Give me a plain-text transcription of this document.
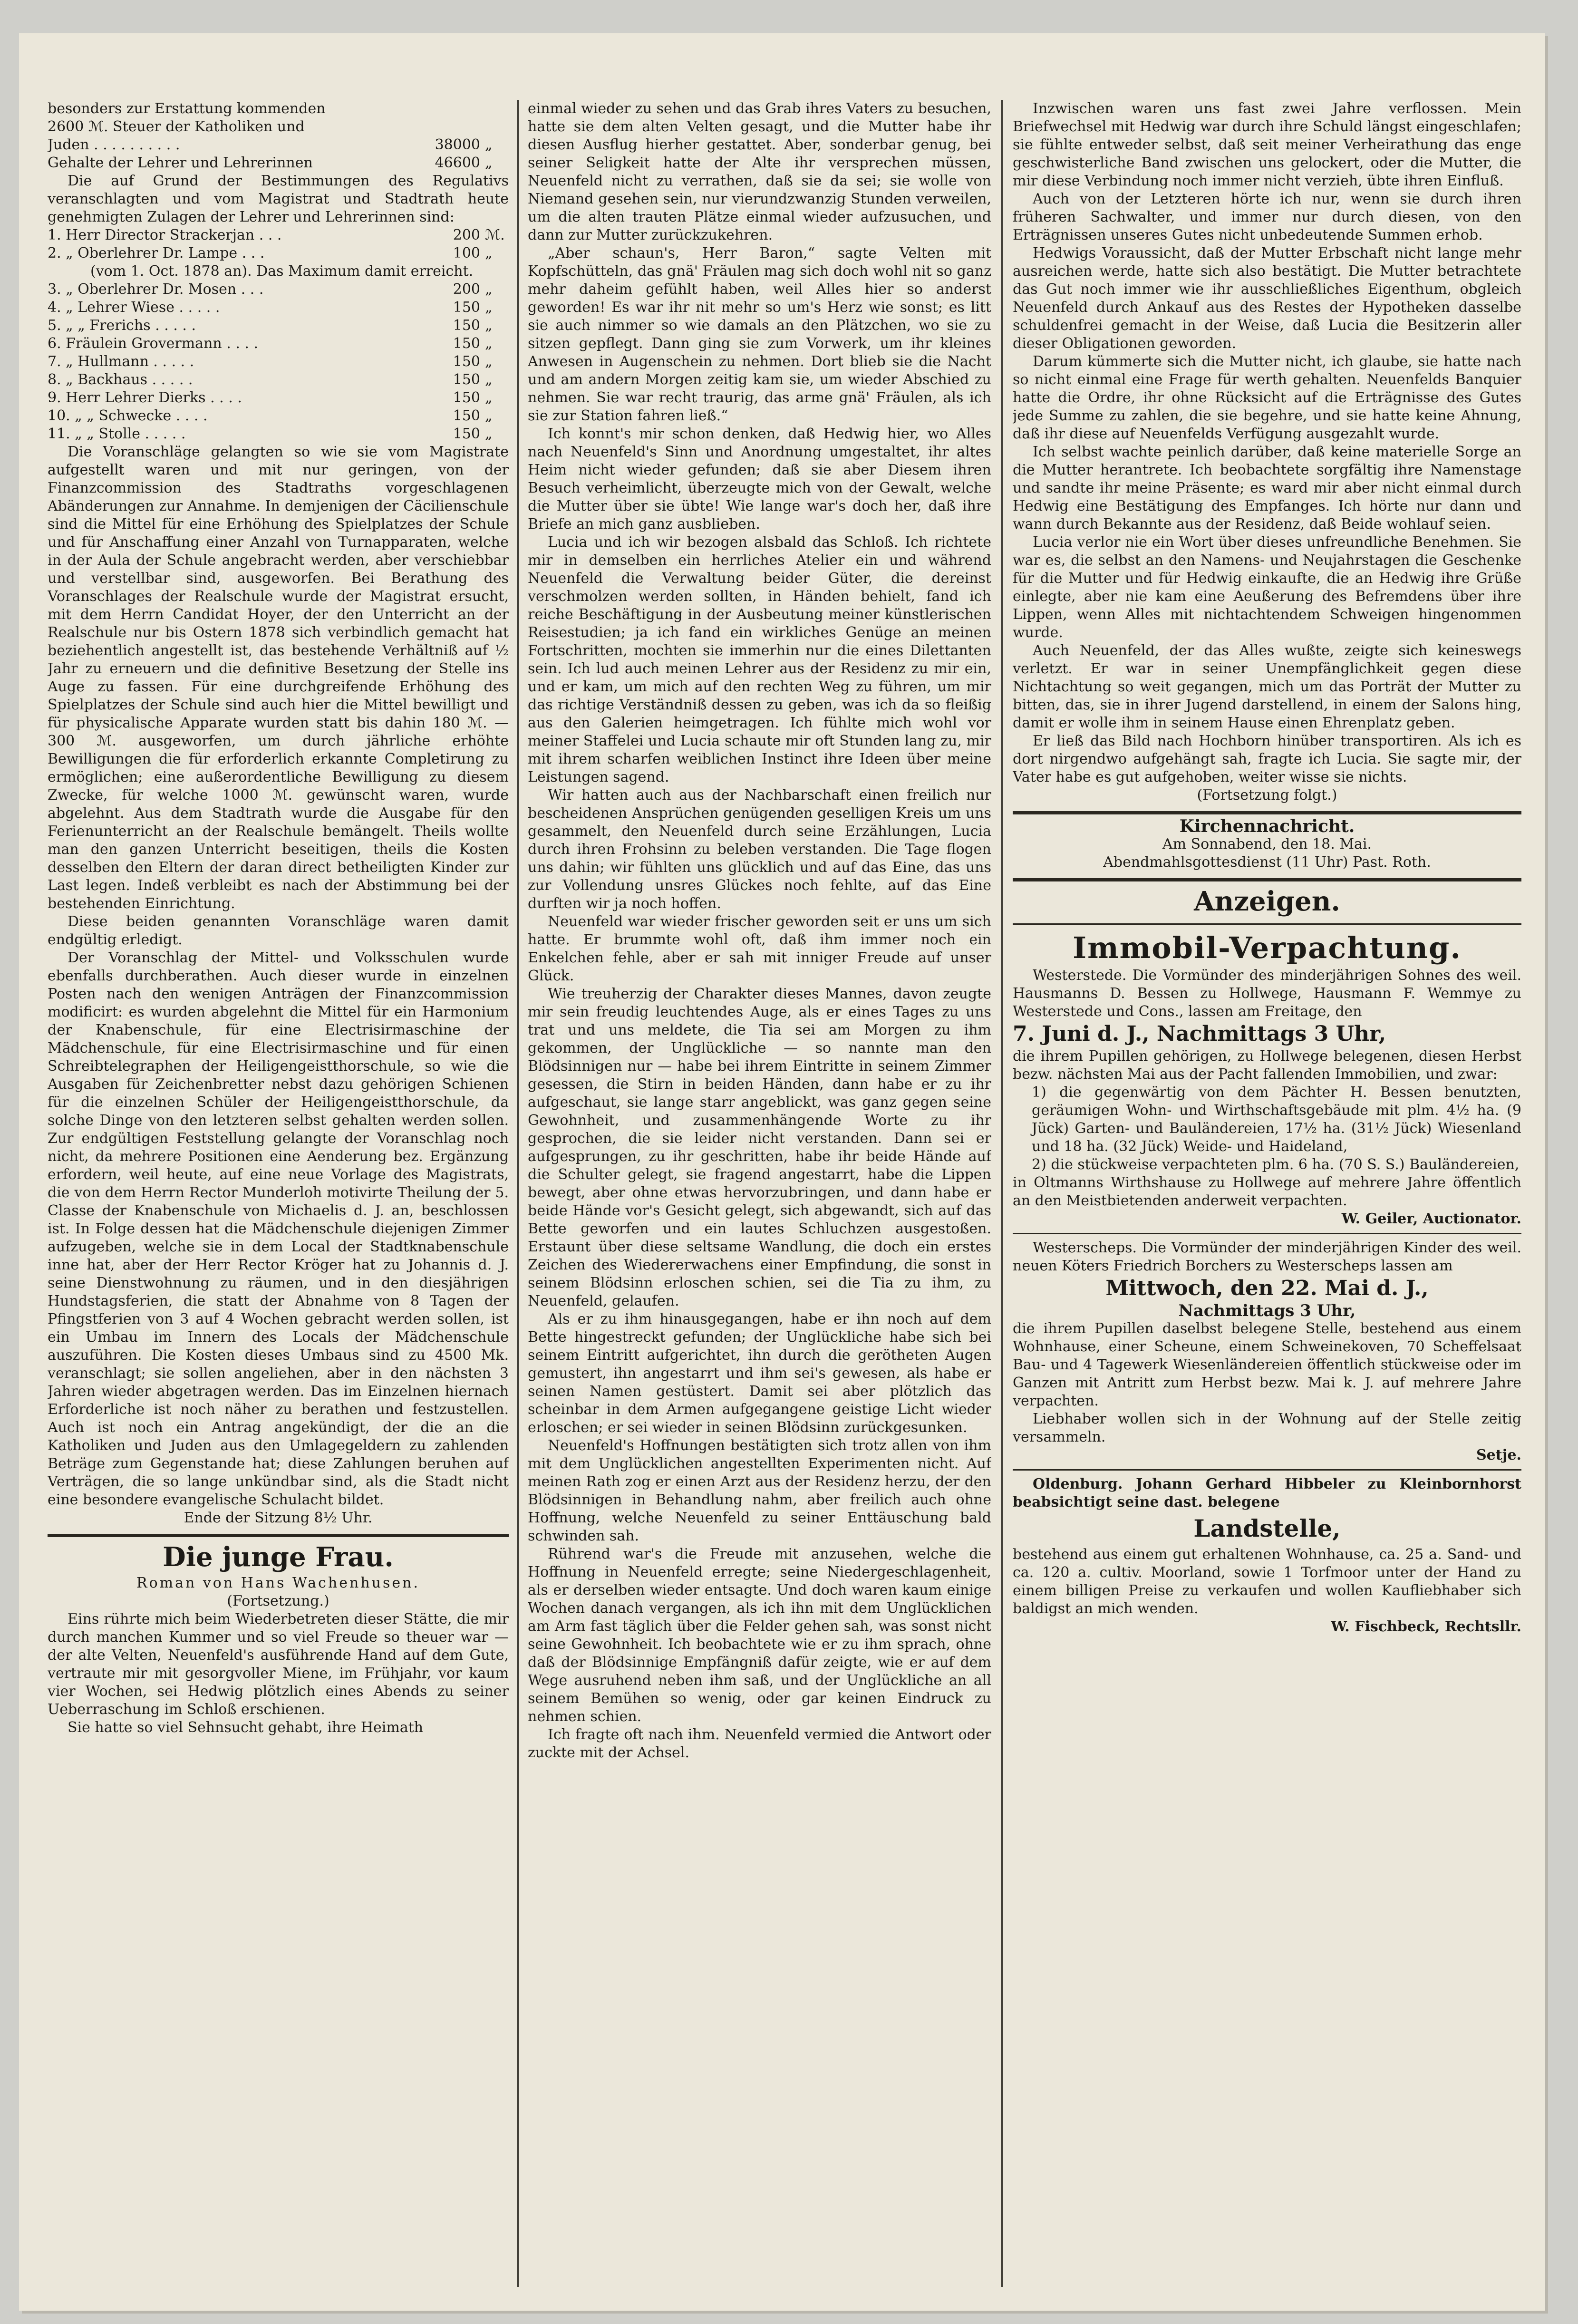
besonders zur Erstattung kommenden

2600 ℳ. Steuer der Katholiken und

Juden . . . . . . . . . .	38000 „
Gehalte der Lehrer und Lehrerinnen	46600 „

Die auf Grund der Bestimmungen des Regulativs veranschlagten und vom Magistrat und Stadtrath heute genehmigten Zulagen der Lehrer und Lehrerinnen sind:

1. Herr Director Strackerjan . . .	200 ℳ.
2. „ Oberlehrer Dr. Lampe . . .	100 „
(vom 1. Oct. 1878 an). Das Maximum damit erreicht.
3. „ Oberlehrer Dr. Mosen . . .	200 „
4. „ Lehrer Wiese . . . . .	150 „
5. „ „ Frerichs . . . . .	150 „
6. Fräulein Grovermann . . . .	150 „
7. „ Hullmann . . . . .	150 „
8. „ Backhaus . . . . .	150 „
9. Herr Lehrer Dierks . . . .	150 „
10. „ „ Schwecke . . . .	150 „
11. „ „ Stolle . . . . .	150 „

Die Voranschläge gelangten so wie sie vom Magistrate aufgestellt waren und mit nur geringen, von der Finanzcommission des Stadtraths vorgeschlagenen Abänderungen zur Annahme. In demjenigen der Cäcilienschule sind die Mittel für eine Erhöhung des Spielplatzes der Schule und für Anschaffung einer Anzahl von Turnapparaten, welche in der Aula der Schule angebracht werden, aber verschiebbar und verstellbar sind, ausgeworfen. Bei Berathung des Voranschlages der Realschule wurde der Magistrat ersucht, mit dem Herrn Candidat Hoyer, der den Unterricht an der Realschule nur bis Ostern 1878 sich verbindlich gemacht hat beziehentlich angestellt ist, das bestehende Verhältniß auf ½ Jahr zu erneuern und die definitive Besetzung der Stelle ins Auge zu fassen. Für eine durchgreifende Erhöhung des Spielplatzes der Schule sind auch hier die Mittel bewilligt und für physicalische Apparate wurden statt bis dahin 180 ℳ. — 300 ℳ. ausgeworfen, um durch jährliche erhöhte Bewilligungen die für erforderlich erkannte Completirung zu ermöglichen; eine außerordentliche Bewilligung zu diesem Zwecke, für welche 1000 ℳ. gewünscht waren, wurde abgelehnt. Aus dem Stadtrath wurde die Ausgabe für den Ferienunterricht an der Realschule bemängelt. Theils wollte man den ganzen Unterricht beseitigen, theils die Kosten desselben den Eltern der daran direct betheiligten Kinder zur Last legen. Indeß verbleibt es nach der Abstimmung bei der bestehenden Einrichtung.

Diese beiden genannten Voranschläge waren damit endgültig erledigt.

Der Voranschlag der Mittel- und Volksschulen wurde ebenfalls durchberathen. Auch dieser wurde in einzelnen Posten nach den wenigen Anträgen der Finanzcommission modificirt: es wurden abgelehnt die Mittel für ein Harmonium der Knabenschule, für eine Electrisirmaschine der Mädchenschule, für eine Electrisirmaschine und für einen Schreibtelegraphen der Heiligengeistthorschule, so wie die Ausgaben für Zeichenbretter nebst dazu gehörigen Schienen für die einzelnen Schüler der Heiligengeistthorschule, da solche Dinge von den letzteren selbst gehalten werden sollen. Zur endgültigen Feststellung gelangte der Voranschlag noch nicht, da mehrere Positionen eine Aenderung bez. Ergänzung erfordern, weil heute, auf eine neue Vorlage des Magistrats, die von dem Herrn Rector Munderloh motivirte Theilung der 5. Classe der Knabenschule von Michaelis d. J. an, beschlossen ist. In Folge dessen hat die Mädchenschule diejenigen Zimmer aufzugeben, welche sie in dem Local der Stadtknabenschule inne hat, aber der Herr Rector Kröger hat zu Johannis d. J. seine Dienstwohnung zu räumen, und in den diesjährigen Hundstagsferien, die statt der Abnahme von 8 Tagen der Pfingstferien von 3 auf 4 Wochen gebracht werden sollen, ist ein Umbau im Innern des Locals der Mädchenschule auszuführen. Die Kosten dieses Umbaus sind zu 4500 Mk. veranschlagt; sie sollen angeliehen, aber in den nächsten 3 Jahren wieder abgetragen werden. Das im Einzelnen hiernach Erforderliche ist noch näher zu berathen und festzustellen. Auch ist noch ein Antrag angekündigt, der die an die Katholiken und Juden aus den Umlagegeldern zu zahlenden Beträge zum Gegenstande hat; diese Zahlungen beruhen auf Verträgen, die so lange unkündbar sind, als die Stadt nicht eine besondere evangelische Schulacht bildet.

Ende der Sitzung 8½ Uhr.

Die junge Frau.

Roman von Hans Wachenhusen.

(Fortsetzung.)

Eins rührte mich beim Wiederbetreten dieser Stätte, die mir durch manchen Kummer und so viel Freude so theuer war — der alte Velten, Neuenfeld's ausführende Hand auf dem Gute, vertraute mir mit gesorgvoller Miene, im Frühjahr, vor kaum vier Wochen, sei Hedwig plötzlich eines Abends zu seiner Ueberraschung im Schloß erschienen.

Sie hatte so viel Sehnsucht gehabt, ihre Heimath

einmal wieder zu sehen und das Grab ihres Vaters zu besuchen, hatte sie dem alten Velten gesagt, und die Mutter habe ihr diesen Ausflug hierher gestattet. Aber, sonderbar genug, bei seiner Seligkeit hatte der Alte ihr versprechen müssen, Neuenfeld nicht zu verrathen, daß sie da sei; sie wolle von Niemand gesehen sein, nur vierundzwanzig Stunden verweilen, um die alten trauten Plätze einmal wieder aufzusuchen, und dann zur Mutter zurückzukehren.

„Aber schaun's, Herr Baron,“ sagte Velten mit Kopfschütteln, das gnä' Fräulen mag sich doch wohl nit so ganz mehr daheim gefühlt haben, weil Alles hier so anderst geworden! Es war ihr nit mehr so um's Herz wie sonst; es litt sie auch nimmer so wie damals an den Plätzchen, wo sie zu sitzen gepflegt. Dann ging sie zum Vorwerk, um ihr kleines Anwesen in Augenschein zu nehmen. Dort blieb sie die Nacht und am andern Morgen zeitig kam sie, um wieder Abschied zu nehmen. Sie war recht traurig, das arme gnä' Fräulen, als ich sie zur Station fahren ließ.“

Ich konnt's mir schon denken, daß Hedwig hier, wo Alles nach Neuenfeld's Sinn und Anordnung umgestaltet, ihr altes Heim nicht wieder gefunden; daß sie aber Diesem ihren Besuch verheimlicht, überzeugte mich von der Gewalt, welche die Mutter über sie übte! Wie lange war's doch her, daß ihre Briefe an mich ganz ausblieben.

Lucia und ich wir bezogen alsbald das Schloß. Ich richtete mir in demselben ein herrliches Atelier ein und während Neuenfeld die Verwaltung beider Güter, die dereinst verschmolzen werden sollten, in Händen behielt, fand ich reiche Beschäftigung in der Ausbeutung meiner künstlerischen Reisestudien; ja ich fand ein wirkliches Genüge an meinen Fortschritten, mochten sie immerhin nur die eines Dilettanten sein. Ich lud auch meinen Lehrer aus der Residenz zu mir ein, und er kam, um mich auf den rechten Weg zu führen, um mir das richtige Verständniß dessen zu geben, was ich da so fleißig aus den Galerien heimgetragen. Ich fühlte mich wohl vor meiner Staffelei und Lucia schaute mir oft Stunden lang zu, mir mit ihrem scharfen weiblichen Instinct ihre Ideen über meine Leistungen sagend.

Wir hatten auch aus der Nachbarschaft einen freilich nur bescheidenen Ansprüchen genügenden geselligen Kreis um uns gesammelt, den Neuenfeld durch seine Erzählungen, Lucia durch ihren Frohsinn zu beleben verstanden. Die Tage flogen uns dahin; wir fühlten uns glücklich und auf das Eine, das uns zur Vollendung unsres Glückes noch fehlte, auf das Eine durften wir ja noch hoffen.

Neuenfeld war wieder frischer geworden seit er uns um sich hatte. Er brummte wohl oft, daß ihm immer noch ein Enkelchen fehle, aber er sah mit inniger Freude auf unser Glück.

Wie treuherzig der Charakter dieses Mannes, davon zeugte mir sein freudig leuchtendes Auge, als er eines Tages zu uns trat und uns meldete, die Tia sei am Morgen zu ihm gekommen, der Unglückliche — so nannte man den Blödsinnigen nur — habe bei ihrem Eintritte in seinem Zimmer gesessen, die Stirn in beiden Händen, dann habe er zu ihr aufgeschaut, sie lange starr angeblickt, was ganz gegen seine Gewohnheit, und zusammenhängende Worte zu ihr gesprochen, die sie leider nicht verstanden. Dann sei er aufgesprungen, zu ihr geschritten, habe ihr beide Hände auf die Schulter gelegt, sie fragend angestarrt, habe die Lippen bewegt, aber ohne etwas hervorzubringen, und dann habe er beide Hände vor's Gesicht gelegt, sich abgewandt, sich auf das Bette geworfen und ein lautes Schluchzen ausgestoßen. Erstaunt über diese seltsame Wandlung, die doch ein erstes Zeichen des Wiedererwachens einer Empfindung, die sonst in seinem Blödsinn erloschen schien, sei die Tia zu ihm, zu Neuenfeld, gelaufen.

Als er zu ihm hinausgegangen, habe er ihn noch auf dem Bette hingestreckt gefunden; der Unglückliche habe sich bei seinem Eintritt aufgerichtet, ihn durch die gerötheten Augen gemustert, ihn angestarrt und ihm sei's gewesen, als habe er seinen Namen gestüstert. Damit sei aber plötzlich das scheinbar in dem Armen aufgegangene geistige Licht wieder erloschen; er sei wieder in seinen Blödsinn zurückgesunken.

Neuenfeld's Hoffnungen bestätigten sich trotz allen von ihm mit dem Unglücklichen angestellten Experimenten nicht. Auf meinen Rath zog er einen Arzt aus der Residenz herzu, der den Blödsinnigen in Behandlung nahm, aber freilich auch ohne Hoffnung, welche Neuenfeld zu seiner Enttäuschung bald schwinden sah.

Rührend war's die Freude mit anzusehen, welche die Hoffnung in Neuenfeld erregte; seine Niedergeschlagenheit, als er derselben wieder entsagte. Und doch waren kaum einige Wochen danach vergangen, als ich ihn mit dem Unglücklichen am Arm fast täglich über die Felder gehen sah, was sonst nicht seine Gewohnheit. Ich beobachtete wie er zu ihm sprach, ohne daß der Blödsinnige Empfängniß dafür zeigte, wie er auf dem Wege ausruhend neben ihm saß, und der Unglückliche an all seinem Bemühen so wenig, oder gar keinen Eindruck zu nehmen schien.

Ich fragte oft nach ihm. Neuenfeld vermied die Antwort oder zuckte mit der Achsel.

Inzwischen waren uns fast zwei Jahre verflossen. Mein Briefwechsel mit Hedwig war durch ihre Schuld längst eingeschlafen; sie fühlte entweder selbst, daß seit meiner Verheirathung das enge geschwisterliche Band zwischen uns gelockert, oder die Mutter, die mir diese Verbindung noch immer nicht verzieh, übte ihren Einfluß.

Auch von der Letzteren hörte ich nur, wenn sie durch ihren früheren Sachwalter, und immer nur durch diesen, von den Erträgnissen unseres Gutes nicht unbedeutende Summen erhob.

Hedwigs Voraussicht, daß der Mutter Erbschaft nicht lange mehr ausreichen werde, hatte sich also bestätigt. Die Mutter betrachtete das Gut noch immer wie ihr ausschließliches Eigenthum, obgleich Neuenfeld durch Ankauf aus des Restes der Hypotheken dasselbe schuldenfrei gemacht in der Weise, daß Lucia die Besitzerin aller dieser Obligationen geworden.

Darum kümmerte sich die Mutter nicht, ich glaube, sie hatte nach so nicht einmal eine Frage für werth gehalten. Neuenfelds Banquier hatte die Ordre, ihr ohne Rücksicht auf die Erträgnisse des Gutes jede Summe zu zahlen, die sie begehre, und sie hatte keine Ahnung, daß ihr diese auf Neuenfelds Verfügung ausgezahlt wurde.

Ich selbst wachte peinlich darüber, daß keine materielle Sorge an die Mutter herantrete. Ich beobachtete sorgfältig ihre Namenstage und sandte ihr meine Präsente; es ward mir aber nicht einmal durch Hedwig eine Bestätigung des Empfanges. Ich hörte nur dann und wann durch Bekannte aus der Residenz, daß Beide wohlauf seien.

Lucia verlor nie ein Wort über dieses unfreundliche Benehmen. Sie war es, die selbst an den Namens- und Neujahrstagen die Geschenke für die Mutter und für Hedwig einkaufte, die an Hedwig ihre Grüße einlegte, aber nie kam eine Aeußerung des Befremdens über ihre Lippen, wenn Alles mit nichtachtendem Schweigen hingenommen wurde.

Auch Neuenfeld, der das Alles wußte, zeigte sich keineswegs verletzt. Er war in seiner Unempfänglichkeit gegen diese Nichtachtung so weit gegangen, mich um das Porträt der Mutter zu bitten, das, sie in ihrer Jugend darstellend, in einem der Salons hing, damit er wolle ihm in seinem Hause einen Ehrenplatz geben.

Er ließ das Bild nach Hochborn hinüber transportiren. Als ich es dort nirgendwo aufgehängt sah, fragte ich Lucia. Sie sagte mir, der Vater habe es gut aufgehoben, weiter wisse sie nichts.

(Fortsetzung folgt.)

Kirchennachricht.

Am Sonnabend, den 18. Mai.

Abendmahlsgottesdienst (11 Uhr) Past. Roth.

Anzeigen.
Immobil-Verpachtung.

Westerstede. Die Vormünder des minderjährigen Sohnes des weil. Hausmanns D. Bessen zu Hollwege, Hausmann F. Wemmye zu Westerstede und Cons., lassen am Freitage, den

7. Juni d. J., Nachmittags 3 Uhr,

die ihrem Pupillen gehörigen, zu Hollwege belegenen, diesen Herbst bezw. nächsten Mai aus der Pacht fallenden Immobilien, und zwar:

1) die gegenwärtig von dem Pächter H. Bessen benutzten, geräumigen Wohn- und Wirthschaftsgebäude mit plm. 4½ ha. (9 Jück) Garten- und Bauländereien, 17½ ha. (31½ Jück) Wiesenland und 18 ha. (32 Jück) Weide- und Haideland,

2) die stückweise verpachteten plm. 6 ha. (70 S. S.) Bauländereien,

in Oltmanns Wirthshause zu Hollwege auf mehrere Jahre öffentlich an den Meistbietenden anderweit verpachten.

W. Geiler, Auctionator.

Westerscheps. Die Vormünder der minderjährigen Kinder des weil. neuen Köters Friedrich Borchers zu Westerscheps lassen am

Mittwoch, den 22. Mai d. J.,

Nachmittags 3 Uhr,

die ihrem Pupillen daselbst belegene Stelle, bestehend aus einem Wohnhause, einer Scheune, einem Schweinekoven, 70 Scheffelsaat Bau- und 4 Tagewerk Wiesenländereien öffentlich stückweise oder im Ganzen mit Antritt zum Herbst bezw. Mai k. J. auf mehrere Jahre verpachten.

Liebhaber wollen sich in der Wohnung auf der Stelle zeitig versammeln.

Setje.

Oldenburg. Johann Gerhard Hibbeler zu Kleinbornhorst beabsichtigt seine dast. belegene

Landstelle,

bestehend aus einem gut erhaltenen Wohnhause, ca. 25 a. Sand- und ca. 120 a. cultiv. Moorland, sowie 1 Torfmoor unter der Hand zu einem billigen Preise zu verkaufen und wollen Kaufliebhaber sich baldigst an mich wenden.

W. Fischbeck, Rechtsllr.
